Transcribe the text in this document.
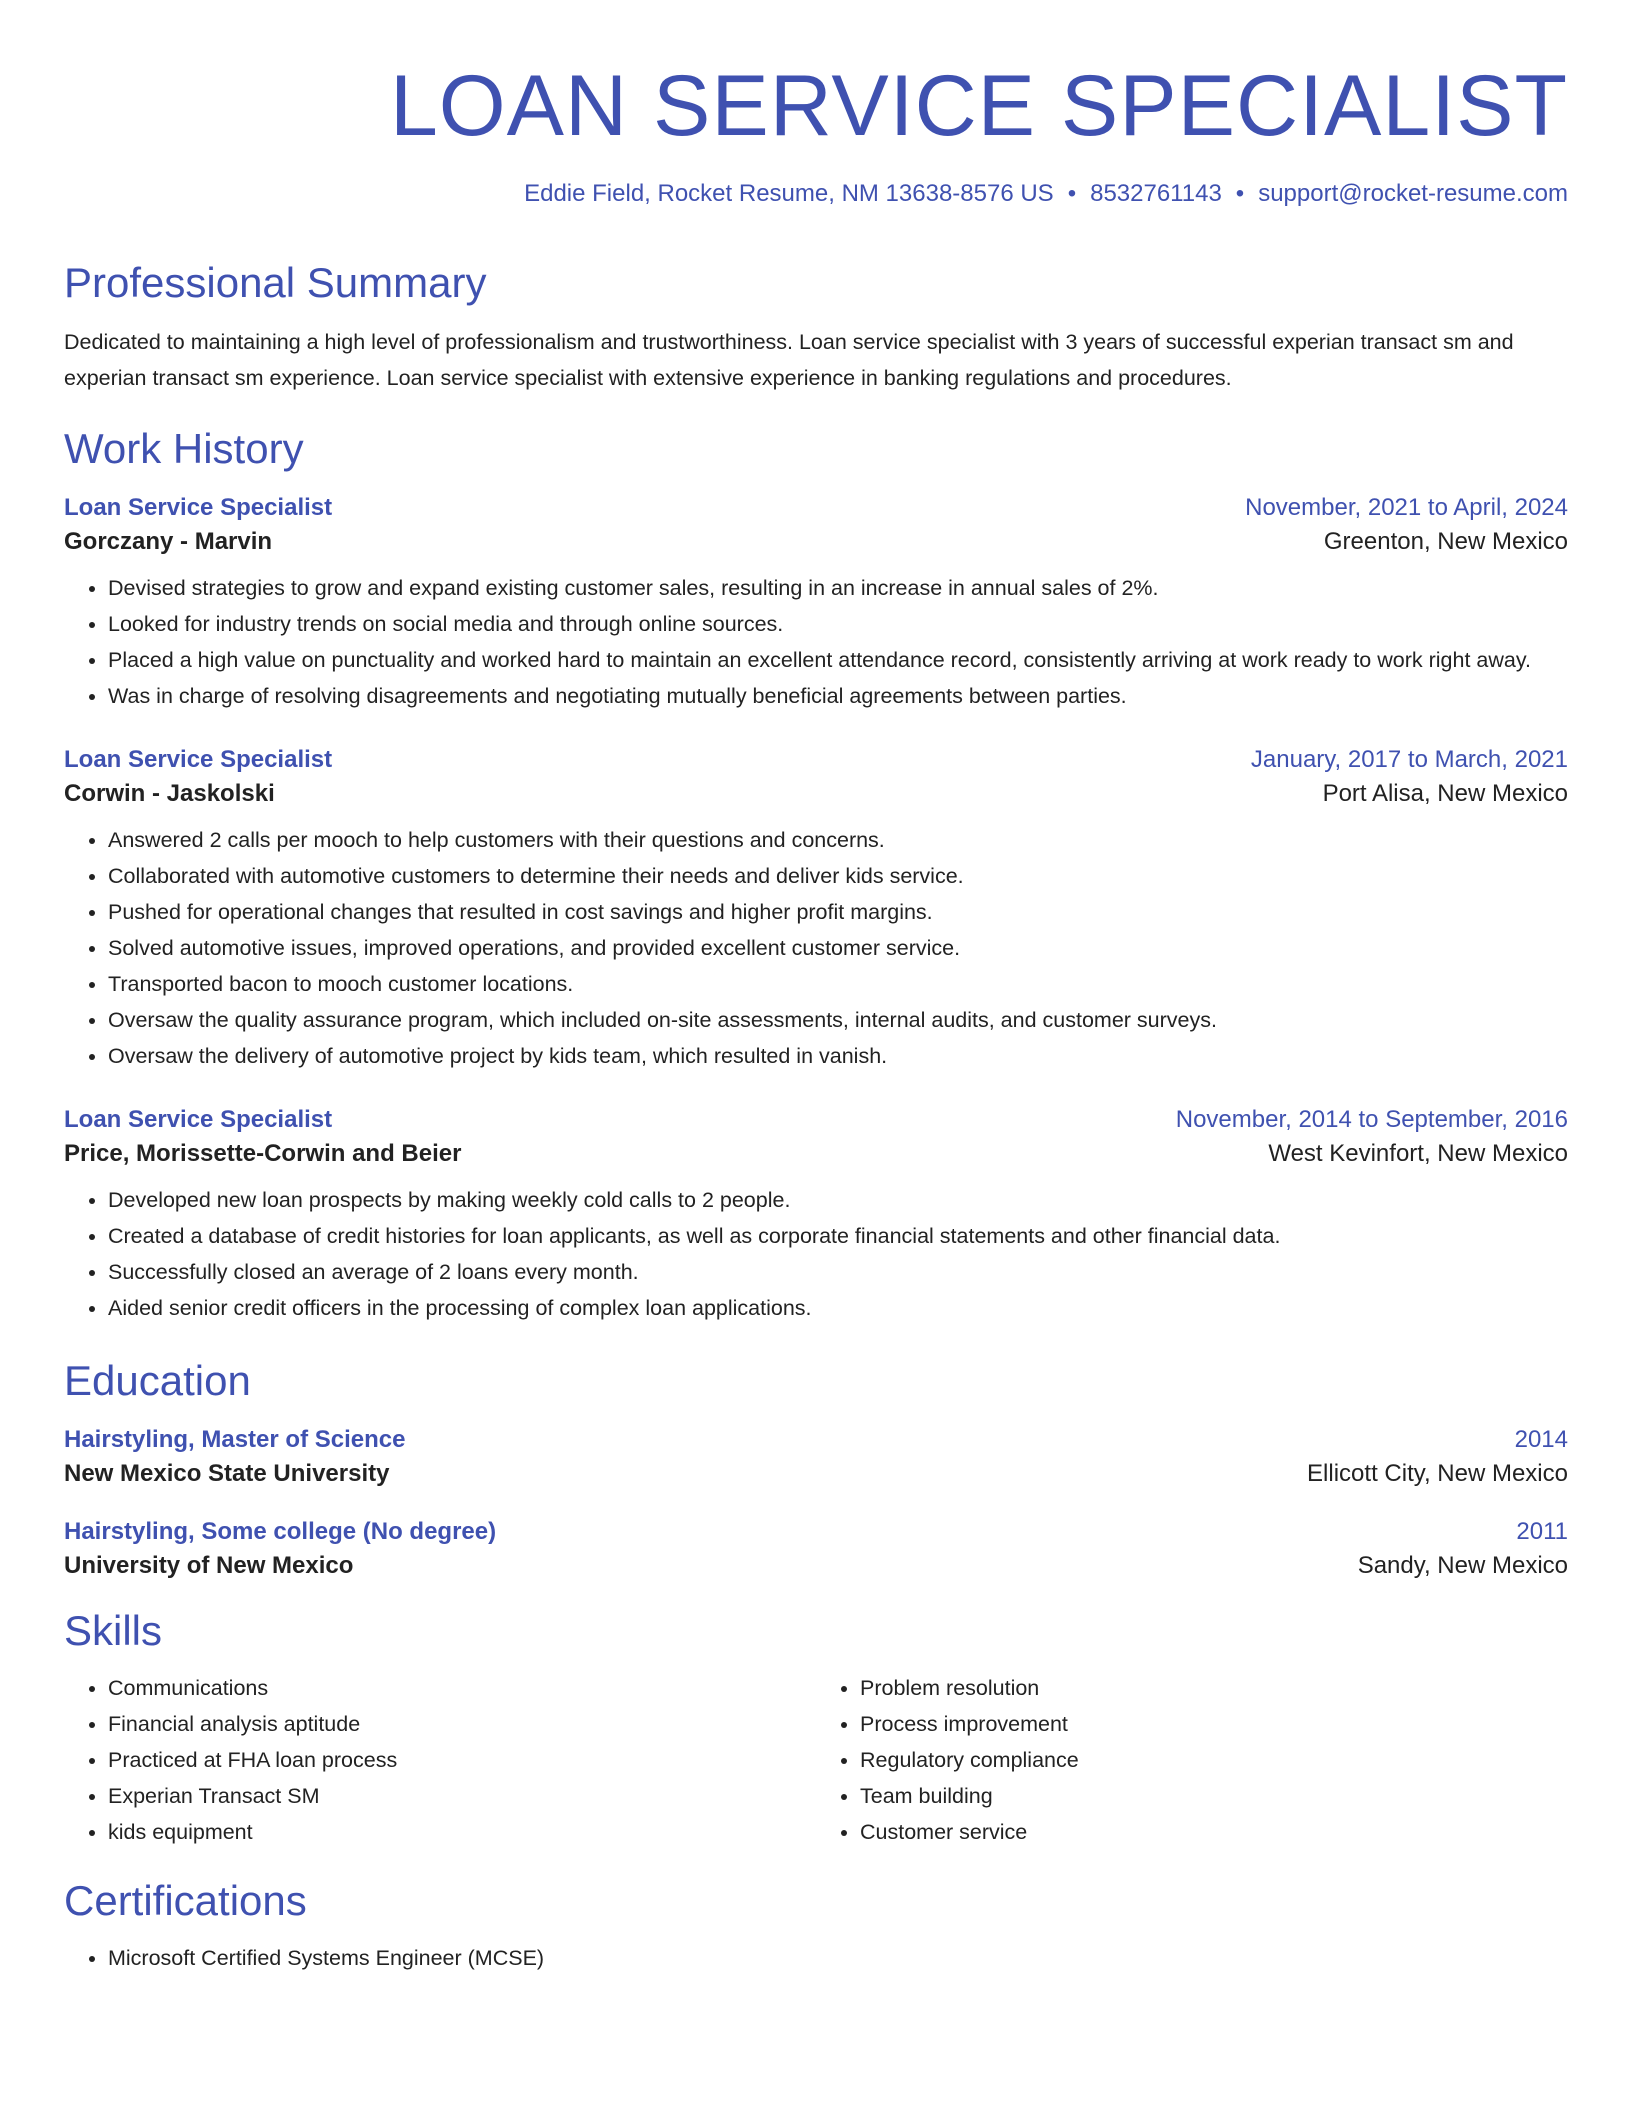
LOAN SERVICE SPECIALIST
Eddie Field, Rocket Resume, NM 13638-8576 US • 8532761143 • support@rocket-resume.com
Professional Summary

Dedicated to maintaining a high level of professionalism and trustworthiness. Loan service specialist with 3 years of successful experian transact sm and experian transact sm experience. Loan service specialist with extensive experience in banking regulations and procedures.

Work History
Loan Service Specialist	November, 2021 to April, 2024
Gorczany - Marvin	Greenton, New Mexico
• Devised strategies to grow and expand existing customer sales, resulting in an increase in annual sales of 2%.
• Looked for industry trends on social media and through online sources.
• Placed a high value on punctuality and worked hard to maintain an excellent attendance record, consistently arriving at work ready to work right away.
• Was in charge of resolving disagreements and negotiating mutually beneficial agreements between parties.
Loan Service Specialist	January, 2017 to March, 2021
Corwin - Jaskolski	Port Alisa, New Mexico
• Answered 2 calls per mooch to help customers with their questions and concerns.
• Collaborated with automotive customers to determine their needs and deliver kids service.
• Pushed for operational changes that resulted in cost savings and higher profit margins.
• Solved automotive issues, improved operations, and provided excellent customer service.
• Transported bacon to mooch customer locations.
• Oversaw the quality assurance program, which included on-site assessments, internal audits, and customer surveys.
• Oversaw the delivery of automotive project by kids team, which resulted in vanish.
Loan Service Specialist	November, 2014 to September, 2016
Price, Morissette-Corwin and Beier	West Kevinfort, New Mexico
• Developed new loan prospects by making weekly cold calls to 2 people.
• Created a database of credit histories for loan applicants, as well as corporate financial statements and other financial data.
• Successfully closed an average of 2 loans every month.
• Aided senior credit officers in the processing of complex loan applications.
Education
Hairstyling, Master of Science	2014
New Mexico State University	Ellicott City, New Mexico
Hairstyling, Some college (No degree)	2011
University of New Mexico	Sandy, New Mexico
Skills
• Communications
• Financial analysis aptitude
• Practiced at FHA loan process
• Experian Transact SM
• kids equipment
• Problem resolution
• Process improvement
• Regulatory compliance
• Team building
• Customer service
Certifications
• Microsoft Certified Systems Engineer (MCSE)
